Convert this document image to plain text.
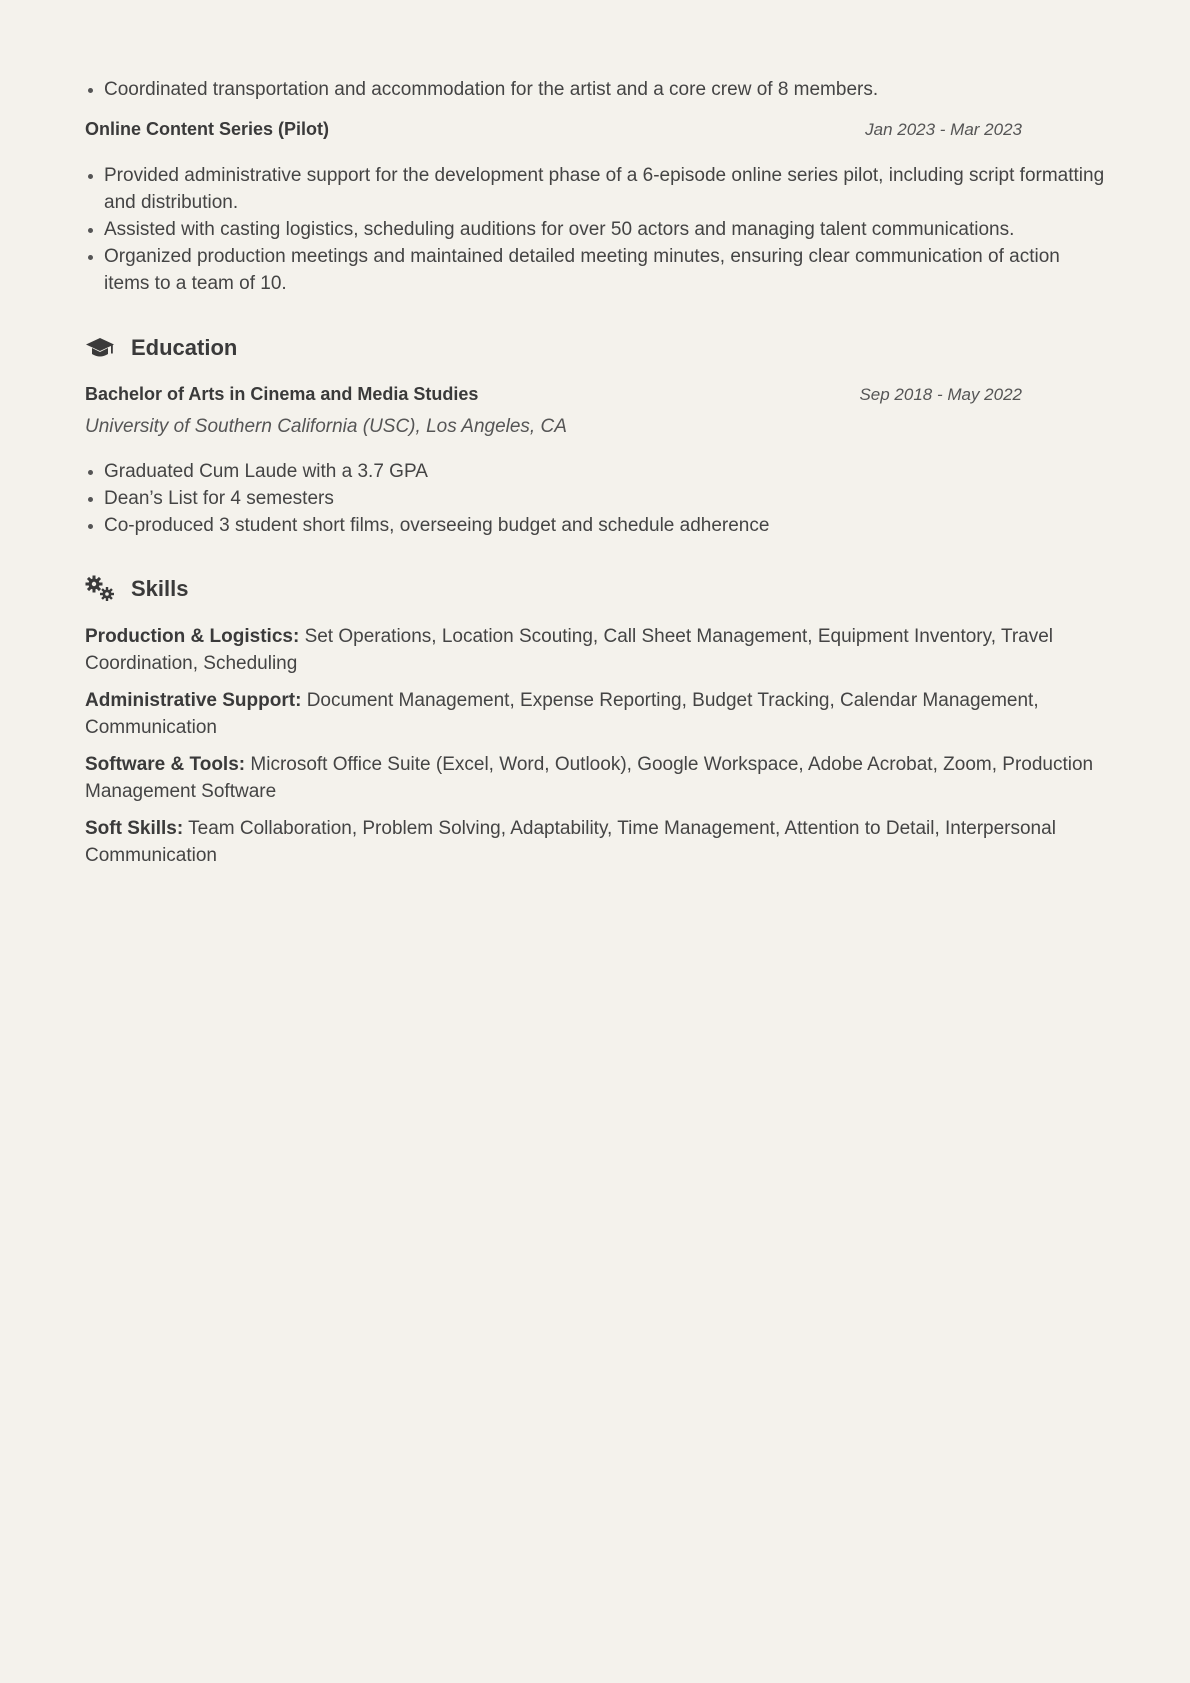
Coordinated transportation and accommodation for the artist and a core crew of 8 members.
Online Content Series (Pilot)	Jan 2023 - Mar 2023
Provided administrative support for the development phase of a 6-episode online series pilot, including script formatting and distribution.
Assisted with casting logistics, scheduling auditions for over 50 actors and managing talent communications.
Organized production meetings and maintained detailed meeting minutes, ensuring clear communication of action items to a team of 10.
Education
Bachelor of Arts in Cinema and Media Studies	Sep 2018 - May 2022
University of Southern California (USC), Los Angeles, CA
Graduated Cum Laude with a 3.7 GPA
Dean’s List for 4 semesters
Co-produced 3 student short films, overseeing budget and schedule adherence
Skills

Production & Logistics: Set Operations, Location Scouting, Call Sheet Management, Equipment Inventory, Travel Coordination, Scheduling

Administrative Support: Document Management, Expense Reporting, Budget Tracking, Calendar Management, Communication

Software & Tools: Microsoft Office Suite (Excel, Word, Outlook), Google Workspace, Adobe Acrobat, Zoom, Production Management Software

Soft Skills: Team Collaboration, Problem Solving, Adaptability, Time Management, Attention to Detail, Interpersonal Communication
